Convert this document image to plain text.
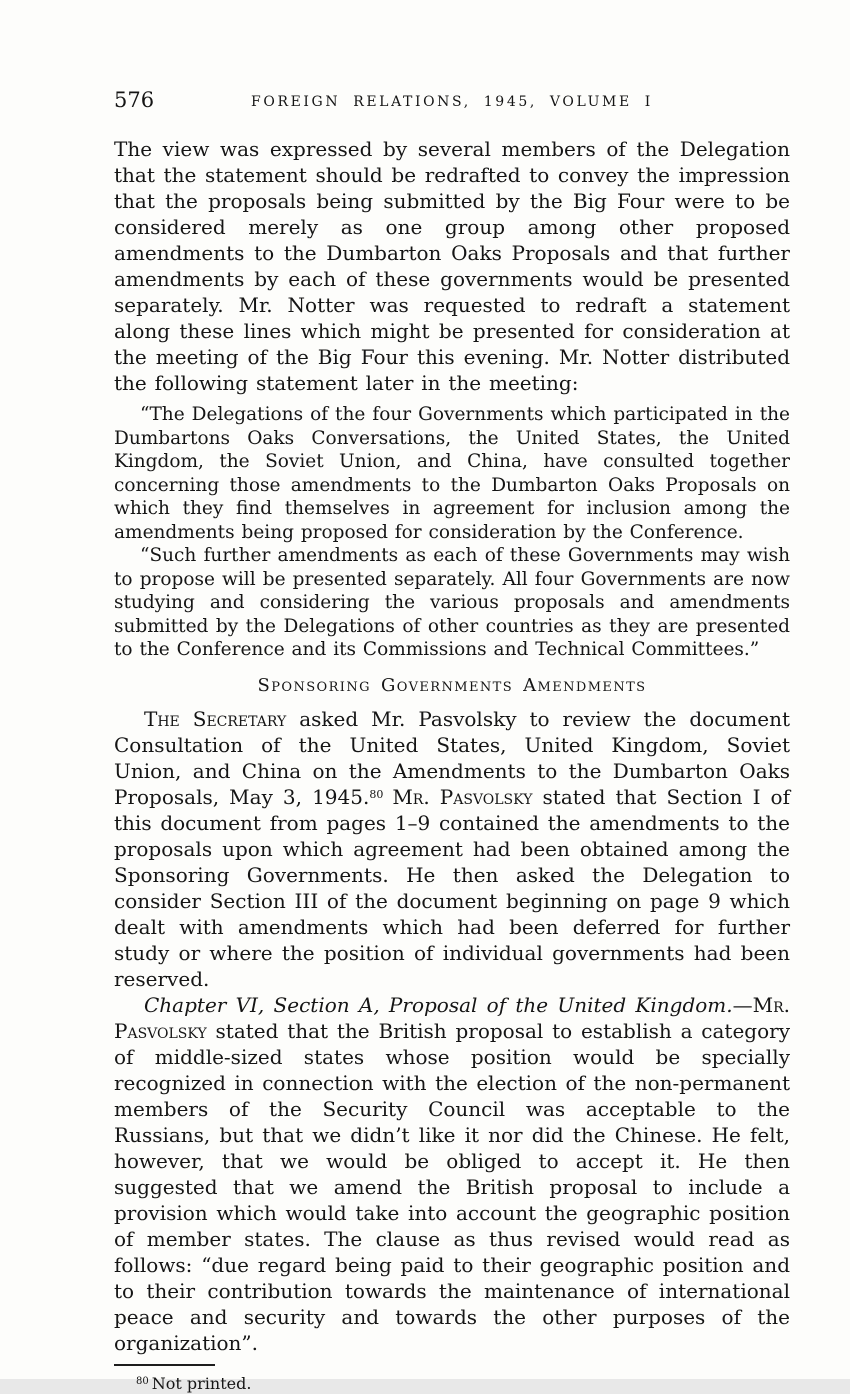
576	FOREIGN RELATIONS, 1945, VOLUME I

The view was expressed by several members of the Delegation that the statement should be redrafted to convey the impression that the proposals being submitted by the Big Four were to be considered merely as one group among other proposed amendments to the Dumbarton Oaks Proposals and that further amendments by each of these governments would be presented separately. Mr. Notter was requested to redraft a statement along these lines which might be presented for consideration at the meeting of the Big Four this evening. Mr. Notter distributed the following statement later in the meeting:

“The Delegations of the four Governments which participated in the Dumbartons Oaks Conversations, the United States, the United Kingdom, the Soviet Union, and China, have consulted together concerning those amendments to the Dumbarton Oaks Proposals on which they find themselves in agreement for inclusion among the amendments being proposed for consideration by the Conference.

“Such further amendments as each of these Governments may wish to propose will be presented separately. All four Governments are now studying and considering the various proposals and amendments submitted by the Delegations of other countries as they are presented to the Conference and its Commissions and Technical Committees.”

Sponsoring Governments Amendments

The Secretary asked Mr. Pasvolsky to review the document Consultation of the United States, United Kingdom, Soviet Union, and China on the Amendments to the Dumbarton Oaks Proposals, May 3, 1945.80 Mr. Pasvolsky stated that Section I of this document from pages 1–9 contained the amendments to the proposals upon which agreement had been obtained among the Sponsoring Governments. He then asked the Delegation to consider Section III of the document beginning on page 9 which dealt with amendments which had been deferred for further study or where the position of individual governments had been reserved.

Chapter VI, Section A, Proposal of the United Kingdom.—Mr. Pasvolsky stated that the British proposal to establish a category of middle-sized states whose position would be specially recognized in connection with the election of the non-permanent members of the Security Council was acceptable to the Russians, but that we didn’t like it nor did the Chinese. He felt, however, that we would be obliged to accept it. He then suggested that we amend the British proposal to include a provision which would take into account the geographic position of member states. The clause as thus revised would read as follows: “due regard being paid to their geographic position and to their contribution towards the maintenance of international peace and security and towards the other purposes of the organization”.

$^{80}$ Not printed.
